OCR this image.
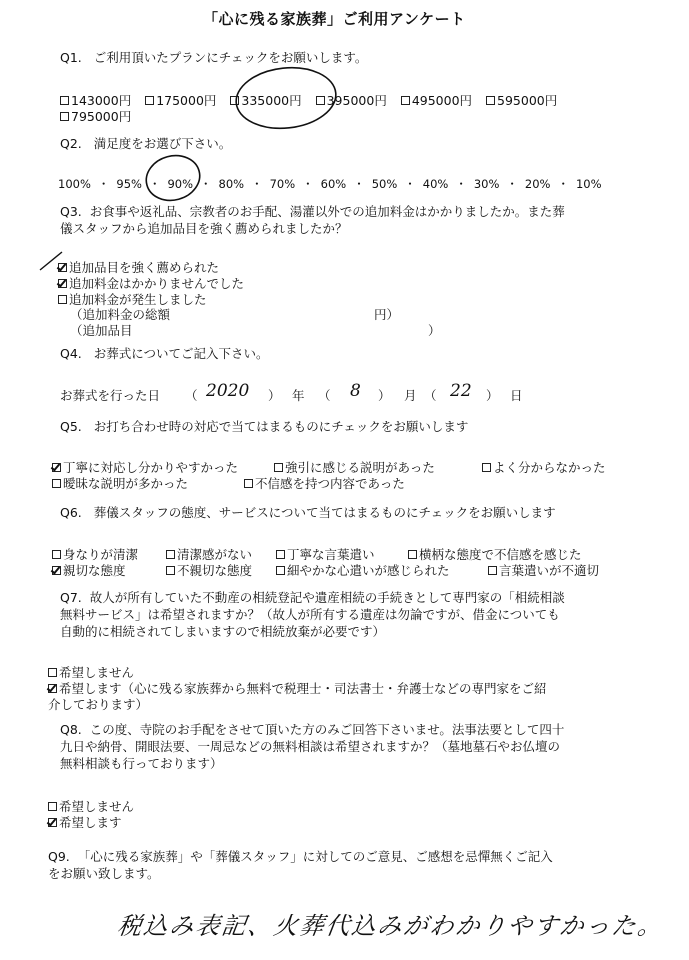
「心に残る家族葬」ご利用アンケート
Q1. ご利用頂いたプランにチェックをお願いします。
143000円 175000円 335000円 395000円 495000円 595000円
795000円
Q2. 満足度をお選び下さい。
100% ・ 95% ・ 90% ・ 80% ・ 70% ・ 60% ・ 50% ・ 40% ・ 30% ・ 20% ・ 10%
Q3. お食事や返礼品、宗教者のお手配、湯灌以外での追加料金はかかりましたか。また葬
儀スタッフから追加品目を強く薦められましたか？
追加品目を強く薦められた
追加料金はかかりませんでした
追加料金が発生しました
（追加料金の総額	円）
（追加品目	）
Q4. お葬式についてご記入下さい。
お葬式を行った日 （ 2020 ） 年 （ 8 ） 月 （ 22 ） 日
Q5. お打ち合わせ時の対応で当てはまるものにチェックをお願いします
丁寧に対応し分かりやすかった	強引に感じる説明があった	よく分からなかった
曖昧な説明が多かった	不信感を持つ内容であった
Q6. 葬儀スタッフの態度、サービスについて当てはまるものにチェックをお願いします
身なりが清潔	清潔感がない	丁寧な言葉遣い	横柄な態度で不信感を感じた
親切な態度	不親切な態度	細やかな心遣いが感じられた	言葉遣いが不適切
Q7. 故人が所有していた不動産の相続登記や遺産相続の手続きとして専門家の「相続相談
無料サービス」は希望されますか？（故人が所有する遺産は勿論ですが、借金についても
自動的に相続されてしまいますので相続放棄が必要です）
希望しません
希望します（心に残る家族葬から無料で税理士・司法書士・弁護士などの専門家をご紹
介しております）
Q8. この度、寺院のお手配をさせて頂いた方のみご回答下さいませ。法事法要として四十
九日や納骨、開眼法要、一周忌などの無料相談は希望されますか？（墓地墓石やお仏壇の
無料相談も行っております）
希望しません
希望します
Q9. 「心に残る家族葬」や「葬儀スタッフ」に対してのご意見、ご感想を忌憚無くご記入
をお願い致します。
税込み表記、火葬代込みがわかりやすかった。
